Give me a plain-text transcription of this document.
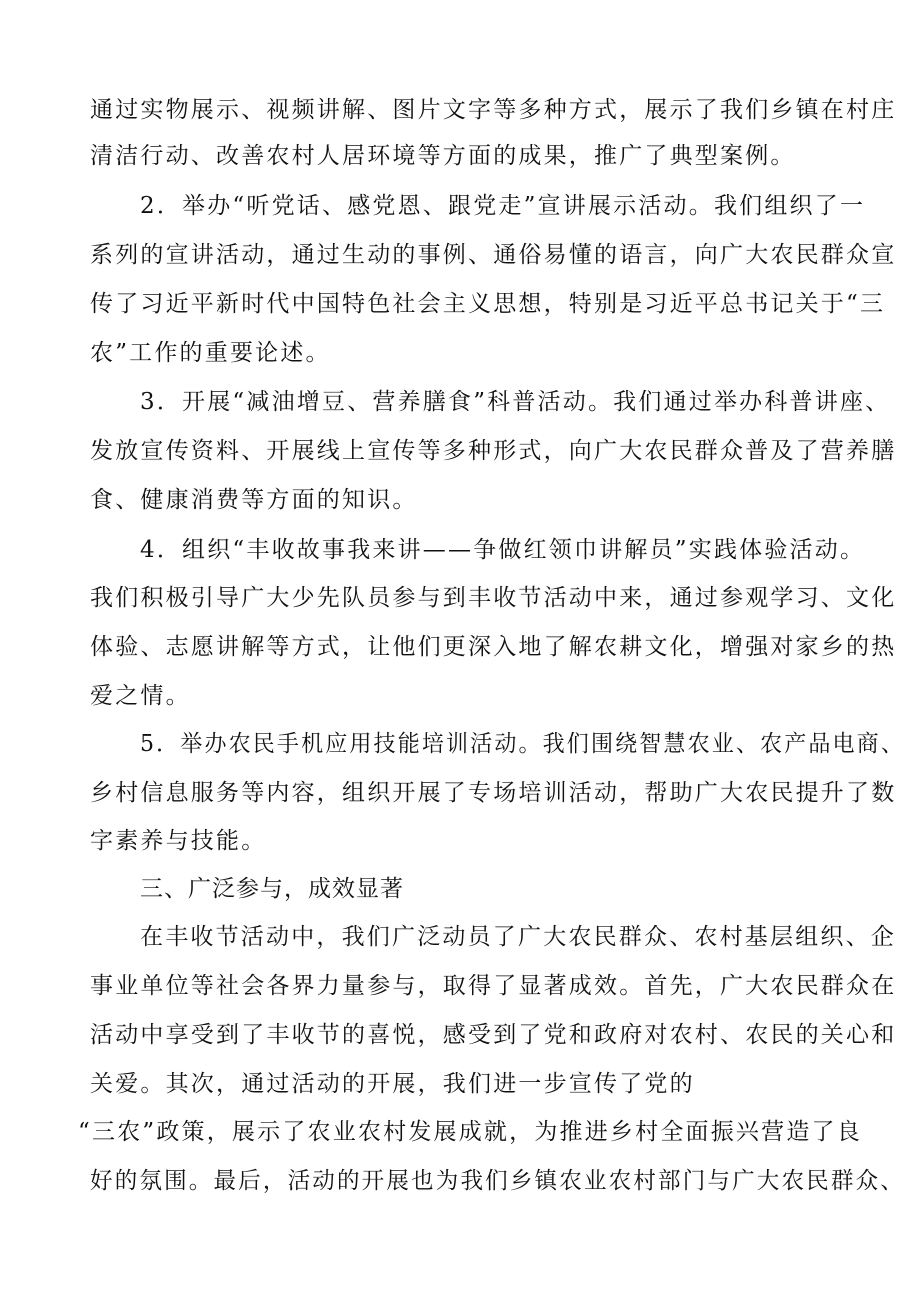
通过实物展示、视频讲解、图片文字等多种方式，展示了我们乡镇在村庄
清洁行动、改善农村人居环境等方面的成果，推广了典型案例。
2．举办“听党话、感党恩、跟党走”宣讲展示活动。我们组织了一
系列的宣讲活动，通过生动的事例、通俗易懂的语言，向广大农民群众宣
传了习近平新时代中国特色社会主义思想，特别是习近平总书记关于“三
农”工作的重要论述。
3．开展“减油增豆、营养膳食”科普活动。我们通过举办科普讲座、
发放宣传资料、开展线上宣传等多种形式，向广大农民群众普及了营养膳
食、健康消费等方面的知识。
4．组织“丰收故事我来讲——争做红领巾讲解员”实践体验活动。
我们积极引导广大少先队员参与到丰收节活动中来，通过参观学习、文化
体验、志愿讲解等方式，让他们更深入地了解农耕文化，增强对家乡的热
爱之情。
5．举办农民手机应用技能培训活动。我们围绕智慧农业、农产品电商、
乡村信息服务等内容，组织开展了专场培训活动，帮助广大农民提升了数
字素养与技能。
三、广泛参与，成效显著
在丰收节活动中，我们广泛动员了广大农民群众、农村基层组织、企
事业单位等社会各界力量参与，取得了显著成效。首先，广大农民群众在
活动中享受到了丰收节的喜悦，感受到了党和政府对农村、农民的关心和
关爱。其次，通过活动的开展，我们进一步宣传了党的
“三农”政策，展示了农业农村发展成就，为推进乡村全面振兴营造了良
好的氛围。最后，活动的开展也为我们乡镇农业农村部门与广大农民群众、
